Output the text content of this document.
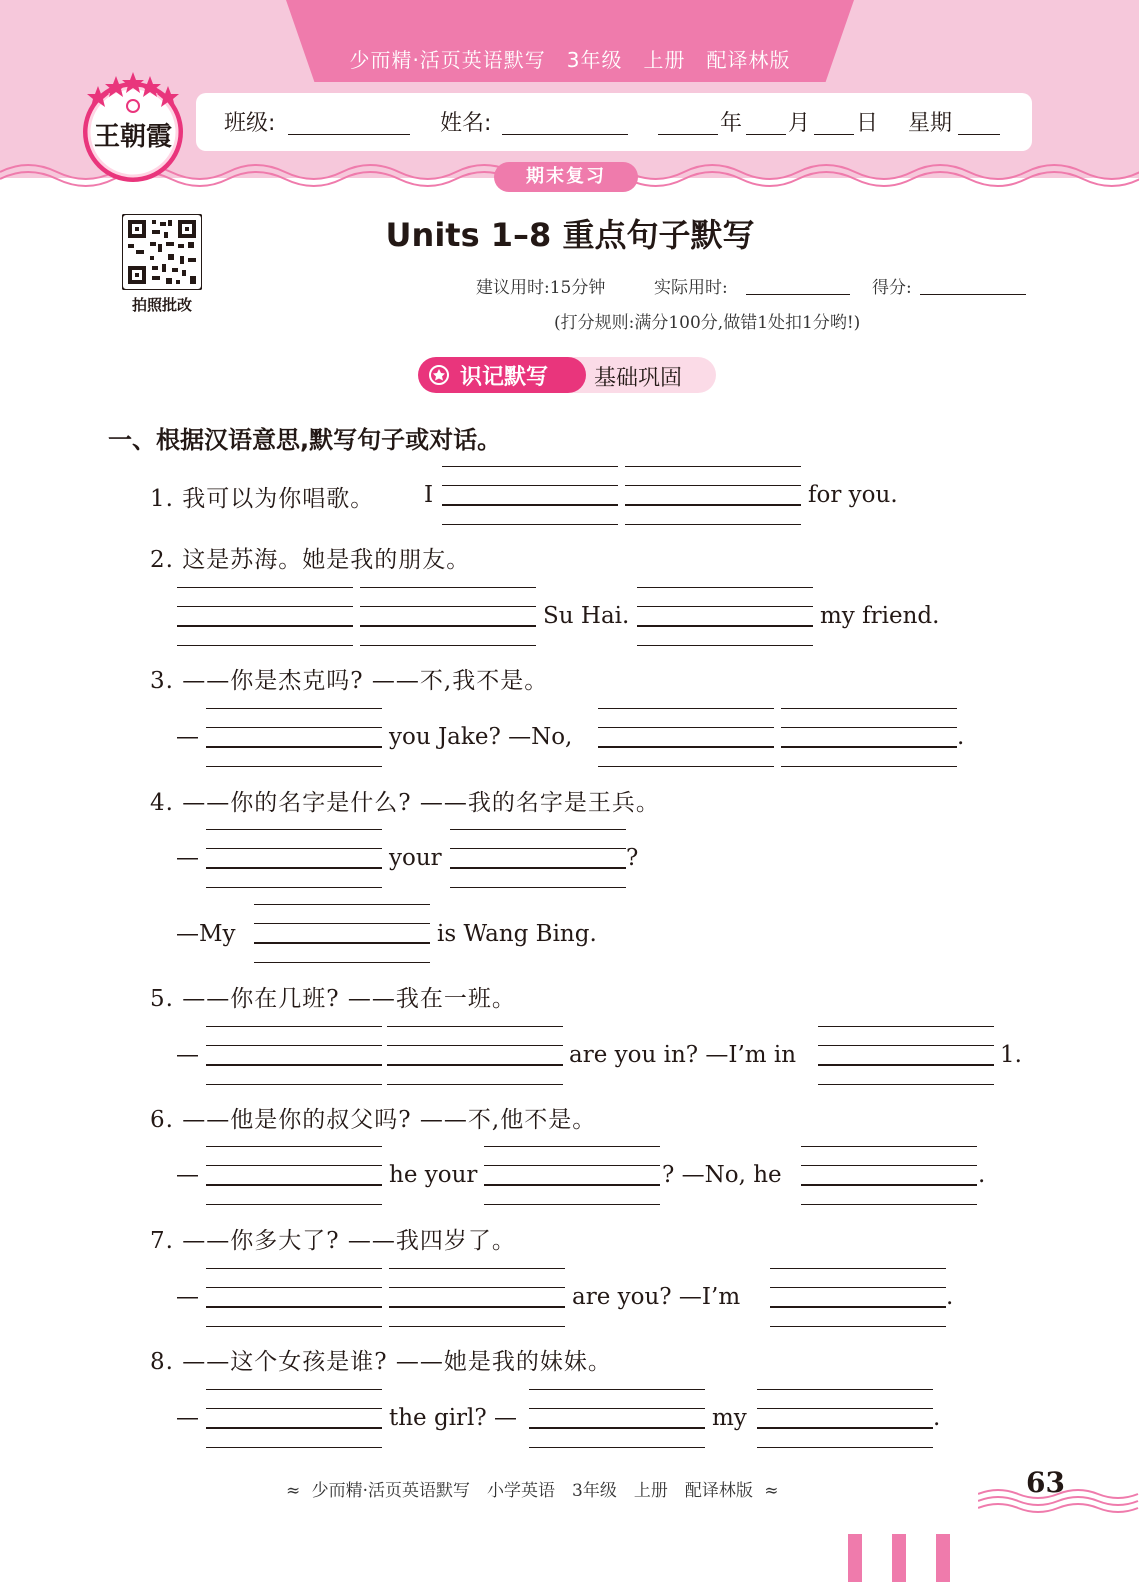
少而精·活页英语默写　3年级　上册　配译林版
班级:	姓名:	年 月 日 星期
王朝霞
期末复习
拍照批改
Units 1–8 重点句子默写
建议用时:15分钟	实际用时:	得分:
(打分规则:满分100分,做错1处扣1分哟!)
识记默写 基础巩固
一、根据汉语意思,默写句子或对话。
1. 我可以为你唱歌。 I	for you.
2. 这是苏海。她是我的朋友。
Su Hai.	my friend.
3. ——你是杰克吗? ——不,我不是。
—	you Jake? —No,	.
4. ——你的名字是什么? ——我的名字是王兵。
—	your	?
—My	is Wang Bing.
5. ——你在几班? ——我在一班。
—	are you in? —I’m in	1.
6. ——他是你的叔父吗? ——不,他不是。
—	he your	? —No, he	.
7. ——你多大了? ——我四岁了。
—	are you? —I’m	.
8. ——这个女孩是谁? ——她是我的妹妹。
—	the girl? —	my	.
≈ 少而精·活页英语默写　小学英语　3年级　上册　配译林版 ≈	63
